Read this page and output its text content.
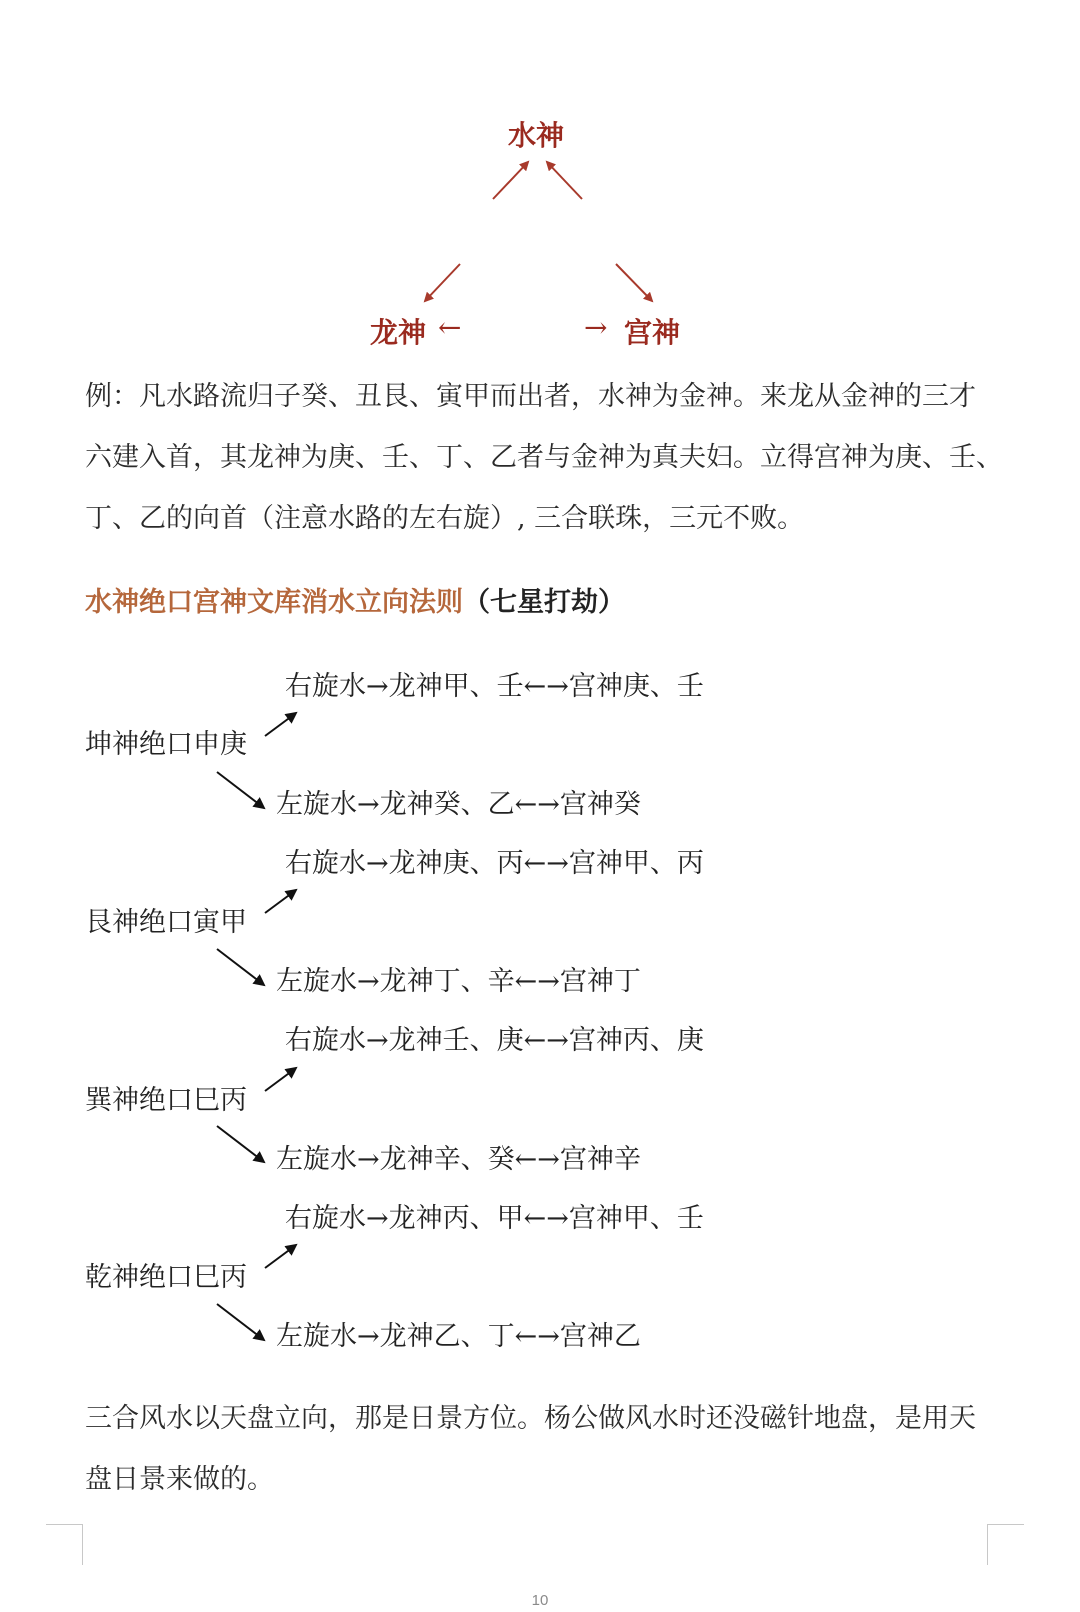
水神
龙神 ←	→ 宫神
例：凡水路流归子癸、丑艮、寅甲而出者，水神为金神。来龙从金神的三才
六建入首，其龙神为庚、壬、丁、乙者与金神为真夫妇。立得宫神为庚、壬、
丁、乙的向首（注意水路的左右旋）, 三合联珠，三元不败。
水神绝口宫神文库消水立向法则（七星打劫）
右旋水→龙神甲、壬←→宫神庚、壬
坤神绝口申庚
左旋水→龙神癸、乙←→宫神癸
右旋水→龙神庚、丙←→宫神甲、丙
艮神绝口寅甲
左旋水→龙神丁、辛←→宫神丁
右旋水→龙神壬、庚←→宫神丙、庚
巽神绝口巳丙
左旋水→龙神辛、癸←→宫神辛
右旋水→龙神丙、甲←→宫神甲、壬
乾神绝口巳丙
左旋水→龙神乙、丁←→宫神乙
三合风水以天盘立向，那是日景方位。杨公做风水时还没磁针地盘，是用天
盘日景来做的。
10
